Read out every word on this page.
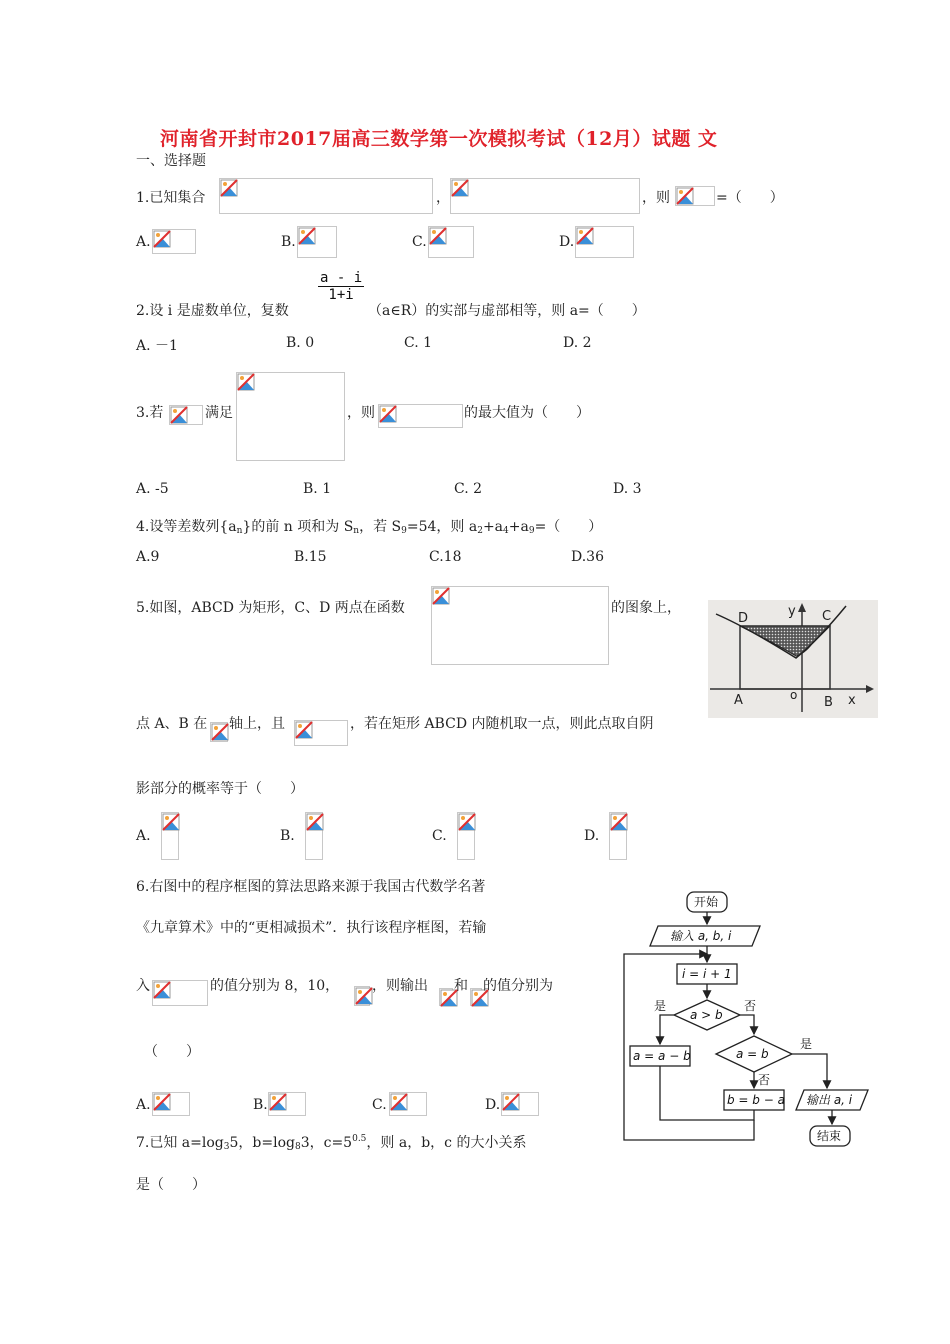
河南省开封市2017届高三数学第一次模拟考试（12月）试题 文
一、选择题
1.已知集合	，	，则	=（　　）
A.	B.	C.	D.
2.设 i 是虚数单位，复数
a - i
1+i
（a∈R）的实部与虚部相等，则 a=（　　）
A. －1	B. 0	C. 1	D. 2
3.若	满足	，则	的最大值为（　　）
A. -5	B. 1	C. 2	D. 3
4.设等差数列$\{a_n\}$的前 n 项和为 $S_n$，若 $S_9=54$，则 $a_2+a_4+a_9=$（　　）
A.9	B.15	C.18	D.36
5.如图，ABCD 为矩形，C、D 两点在函数	的图象上，	y
D	C
A	o B x
点 A、B 在 轴上，且	，若在矩形 ABCD 内随机取一点，则此点取自阴
影部分的概率等于（　　）
A.	B.	C.	D.
6.右图中的程序框图的算法思路来源于我国古代数学名著
《九章算术》中的“更相减损术”．执行该程序框图，若输
入	的值分别为 8，10， ，则输出 和 的值分别为
（　　）
A.	B.	C.	D.
开始
输入 a, b, i
i = i + 1
a > b
是	否
a = a − b	a = b
是
否
b = b − a 输出 a, i
结束
7.已知 $a=\log_35$，$b=\log_83$，$c=5^{0.5}$，则 a，b，c 的大小关系
是（　　）
